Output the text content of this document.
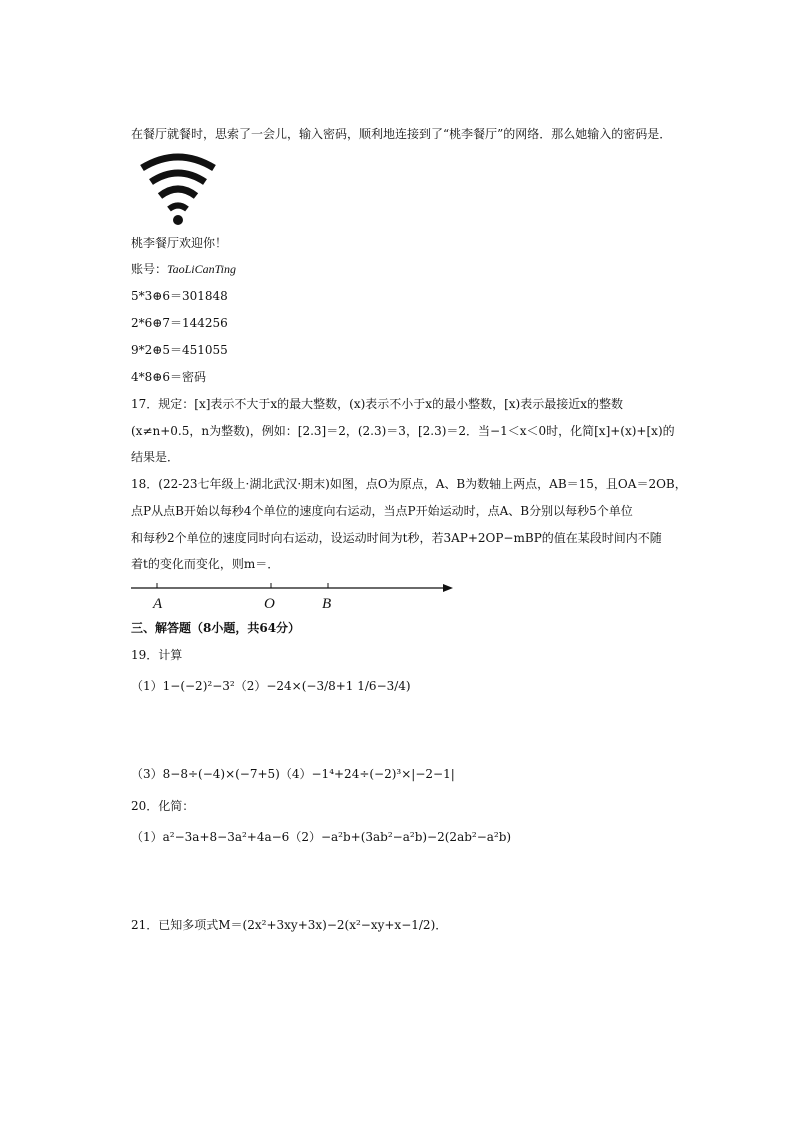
在餐厅就餐时，思索了一会儿，输入密码，顺利地连接到了“桃李餐厅”的网络．那么她输入的密码是．
桃李餐厅欢迎你！
账号：TaoLiCanTing
5*3⊕6＝301848
2*6⊕7＝144256
9*2⊕5＝451055
4*8⊕6＝密码
17．规定：[x]表示不大于x的最大整数，(x)表示不小于x的最小整数，[x)表示最接近x的整数
(x≠n+0.5，n为整数)，例如：[2.3]＝2，(2.3)＝3，[2.3)＝2．当−1＜x＜0时，化简[x]+(x)+[x)的
结果是．
18．(22-23七年级上·湖北武汉·期末)如图，点O为原点，A、B为数轴上两点，AB＝15，且OA＝2OB，
点P从点B开始以每秒4个单位的速度向右运动，当点P开始运动时，点A、B分别以每秒5个单位
和每秒2个单位的速度同时向右运动，设运动时间为t秒，若3AP+2OP−mBP的值在某段时间内不随
着t的变化而变化，则m＝．
A	O	B
三、解答题（8小题，共64分）
19．计算
（1）1−(−2)²−3²（2）−24×(−3/8+1 1/6−3/4)
（3）8−8÷(−4)×(−7+5)（4）−1⁴+24÷(−2)³×|−2−1|
20．化简：
（1）a²−3a+8−3a²+4a−6（2）−a²b+(3ab²−a²b)−2(2ab²−a²b)
21．已知多项式M＝(2x²+3xy+3x)−2(x²−xy+x−1/2)．
